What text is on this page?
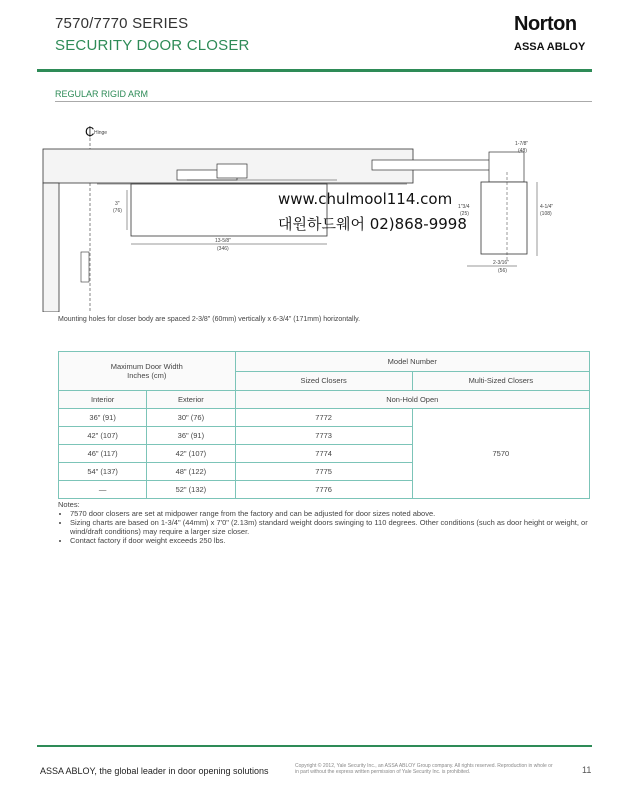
7570/7770 SERIES
SECURITY DOOR CLOSER
Norton
ASSA ABLOY
REGULAR RIGID ARM
₵ Hinge
3"
(76)
13-5/8"
(346)
1-7/8"
(48)
4-1/4"
(108)
1"3/4
(25)
2-3/16"
(56)
www.chulmool114.com
대원하드웨어 02)868-9998
Mounting holes for closer body are spaced 2-3/8" (60mm) vertically x 6-3/4" (171mm) horizontally.
Maximum Door Width
Inches (cm)		Model Number	
		Sized Closers	Multi-Sized Closers
Interior	Exterior	Non-Hold Open	
36" (91)	30" (76)	7772	7570
42" (107)	36" (91)	7773	
46" (117)	42" (107)	7774	
54" (137)	48" (122)	7775	
—	52" (132)	7776	
Notes:
• 7570 door closers are set at midpower range from the factory and can be adjusted for door sizes noted above.
• Sizing charts are based on 1-3/4" (44mm) x 7'0" (2.13m) standard weight doors swinging to 110 degrees. Other conditions (such as door height or weight, or wind/draft conditions) may require a larger size closer.
• Contact factory if door weight exceeds 250 lbs.
ASSA ABLOY, the global leader in door opening solutions	Copyright © 2012, Yale Security Inc., an ASSA ABLOY Group company. All rights reserved. Reproduction in whole or in part without the express written permission of Yale Security Inc. is prohibited.	11
